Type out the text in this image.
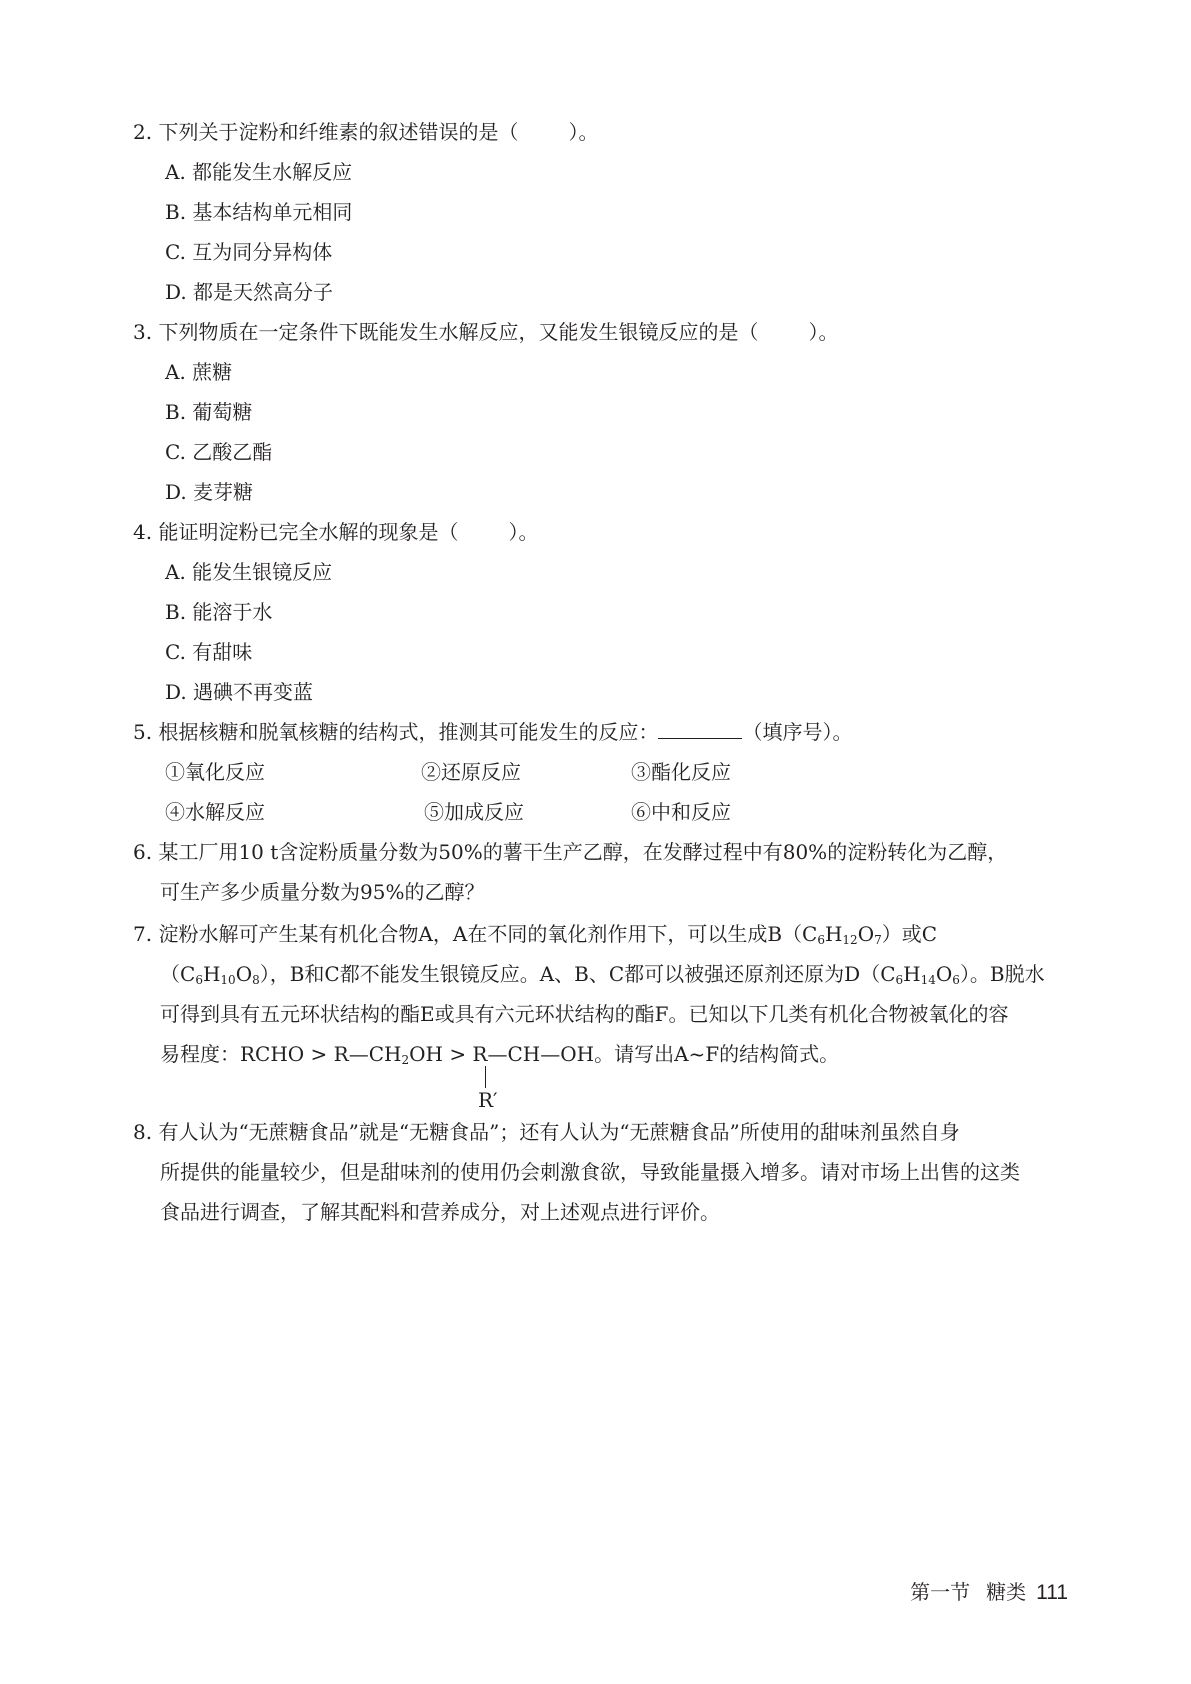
2. 下列关于淀粉和纤维素的叙述错误的是（	）。
A. 都能发生水解反应
B. 基本结构单元相同
C. 互为同分异构体
D. 都是天然高分子
3. 下列物质在一定条件下既能发生水解反应，又能发生银镜反应的是（	）。
A. 蔗糖
B. 葡萄糖
C. 乙酸乙酯
D. 麦芽糖
4. 能证明淀粉已完全水解的现象是（	）。
A. 能发生银镜反应
B. 能溶于水
C. 有甜味
D. 遇碘不再变蓝
5. 根据核糖和脱氧核糖的结构式，推测其可能发生的反应：	（填序号）。
①氧化反应	②还原反应	③酯化反应
④水解反应	⑤加成反应	⑥中和反应
6. 某工厂用10 t含淀粉质量分数为50%的薯干生产乙醇，在发酵过程中有80%的淀粉转化为乙醇，
可生产多少质量分数为95%的乙醇？
7. 淀粉水解可产生某有机化合物A，A在不同的氧化剂作用下，可以生成$B(C_6H_{12}O_7)$或C
$(C_6H_{10}O_8)$，B和C都不能发生银镜反应。A、B、C都可以被强还原剂还原为$D(C_6H_{14}O_6)$。B脱水
可得到具有五元环状结构的酯E或具有六元环状结构的酯F。已知以下几类有机化合物被氧化的容
易程度：RCHO > $R—CH_2OH$ > R—CH—OH。请写出A~F的结构简式。
R′
8. 有人认为“无蔗糖食品”就是“无糖食品”；还有人认为“无蔗糖食品”所使用的甜味剂虽然自身
所提供的能量较少，但是甜味剂的使用仍会刺激食欲，导致能量摄入增多。请对市场上出售的这类
食品进行调查，了解其配料和营养成分，对上述观点进行评价。
第一节 糖类 111
